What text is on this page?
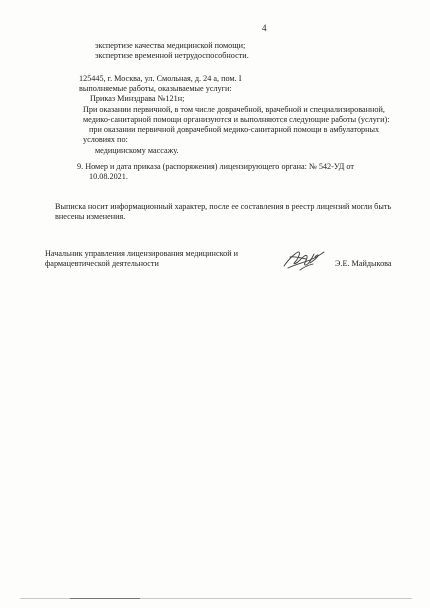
4
экспертизе качества медицинской помощи;
экспертизе временной нетрудоспособности.
125445, г. Москва, ул. Смольная, д. 24 а, пом. I
выполняемые работы, оказываемые услуги:
Приказ Минздрава №121н;
При оказании первичной, в том числе доврачебной, врачебной и специализированной,
медико-санитарной помощи организуются и выполняются следующие работы (услуги):
при оказании первичной доврачебной медико-санитарной помощи в амбулаторных
условиях по:
медицинскому массажу.
9. Номер и дата приказа (распоряжения) лицензирующего органа: № 542-УД от
10.08.2021.
Выписка носит информационный характер, после ее составления в реестр лицензий могли быть
внесены изменения.
Начальник управления лицензирования медицинской и
фармацевтической деятельности	Э.Е. Майдыкова
